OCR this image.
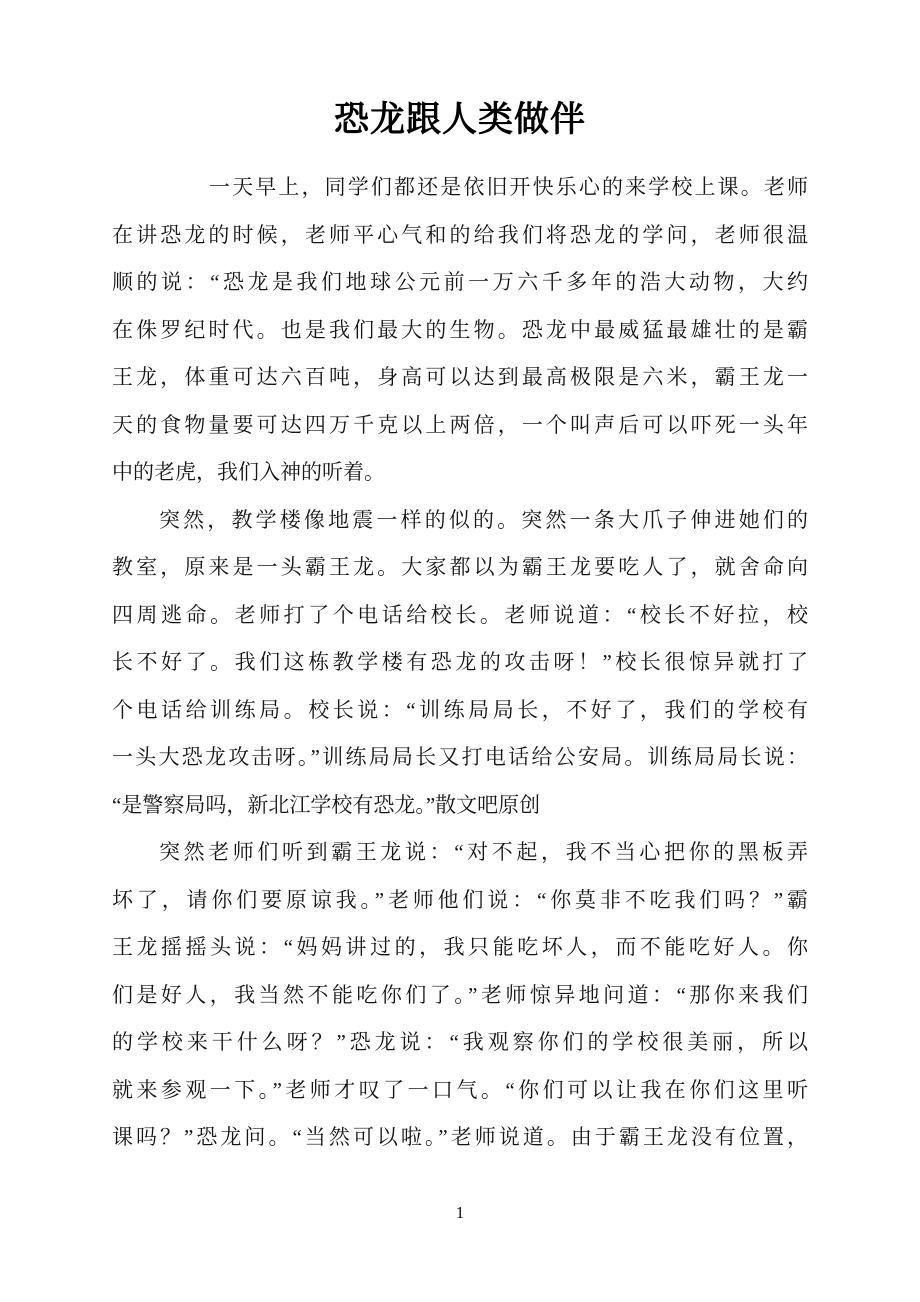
恐龙跟人类做伴
一天早上，同学们都还是依旧开快乐心的来学校上课。老师
在讲恐龙的时候，老师平心气和的给我们将恐龙的学问，老师很温
顺的说：“恐龙是我们地球公元前一万六千多年的浩大动物，大约
在侏罗纪时代。也是我们最大的生物。恐龙中最威猛最雄壮的是霸
王龙，体重可达六百吨，身高可以达到最高极限是六米，霸王龙一
天的食物量要可达四万千克以上两倍，一个叫声后可以吓死一头年
中的老虎，我们入神的听着。
突然，教学楼像地震一样的似的。突然一条大爪子伸进她们的
教室，原来是一头霸王龙。大家都以为霸王龙要吃人了，就舍命向
四周逃命。老师打了个电话给校长。老师说道：“校长不好拉，校
长不好了。我们这栋教学楼有恐龙的攻击呀！”校长很惊异就打了
个电话给训练局。校长说：“训练局局长，不好了，我们的学校有
一头大恐龙攻击呀。”训练局局长又打电话给公安局。训练局局长说：
“是警察局吗，新北江学校有恐龙。”散文吧原创
突然老师们听到霸王龙说：“对不起，我不当心把你的黑板弄
坏了，请你们要原谅我。”老师他们说：“你莫非不吃我们吗？”霸
王龙摇摇头说：“妈妈讲过的，我只能吃坏人，而不能吃好人。你
们是好人，我当然不能吃你们了。”老师惊异地问道：“那你来我们
的学校来干什么呀？”恐龙说：“我观察你们的学校很美丽，所以
就来参观一下。”老师才叹了一口气。“你们可以让我在你们这里听
课吗？”恐龙问。“当然可以啦。”老师说道。由于霸王龙没有位置，
1
